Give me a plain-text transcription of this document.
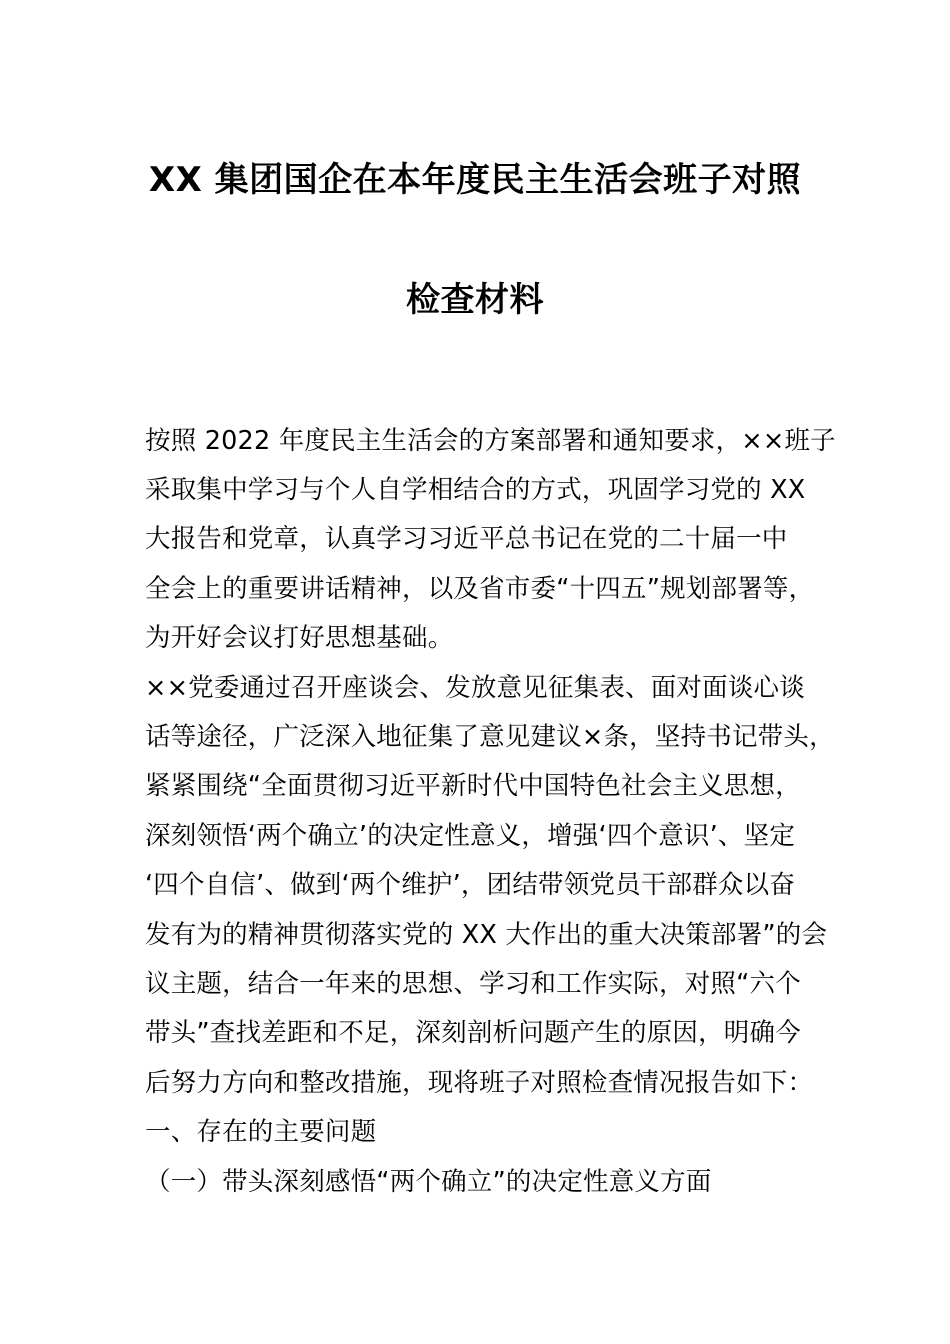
XX 集团国企在本年度民主生活会班子对照
检查材料
按照 2022 年度民主生活会的方案部署和通知要求，××班子
采取集中学习与个人自学相结合的方式，巩固学习党的 XX
大报告和党章，认真学习习近平总书记在党的二十届一中
全会上的重要讲话精神，以及省市委“十四五”规划部署等，
为开好会议打好思想基础。
××党委通过召开座谈会、发放意见征集表、面对面谈心谈
话等途径，广泛深入地征集了意见建议×条，坚持书记带头，
紧紧围绕“全面贯彻习近平新时代中国特色社会主义思想，
深刻领悟‘两个确立’的决定性意义，增强‘四个意识’、坚定
‘四个自信’、做到‘两个维护’，团结带领党员干部群众以奋
发有为的精神贯彻落实党的 XX 大作出的重大决策部署”的会
议主题，结合一年来的思想、学习和工作实际，对照“六个
带头”查找差距和不足，深刻剖析问题产生的原因，明确今
后努力方向和整改措施，现将班子对照检查情况报告如下：
一、存在的主要问题
（一）带头深刻感悟“两个确立”的决定性意义方面
